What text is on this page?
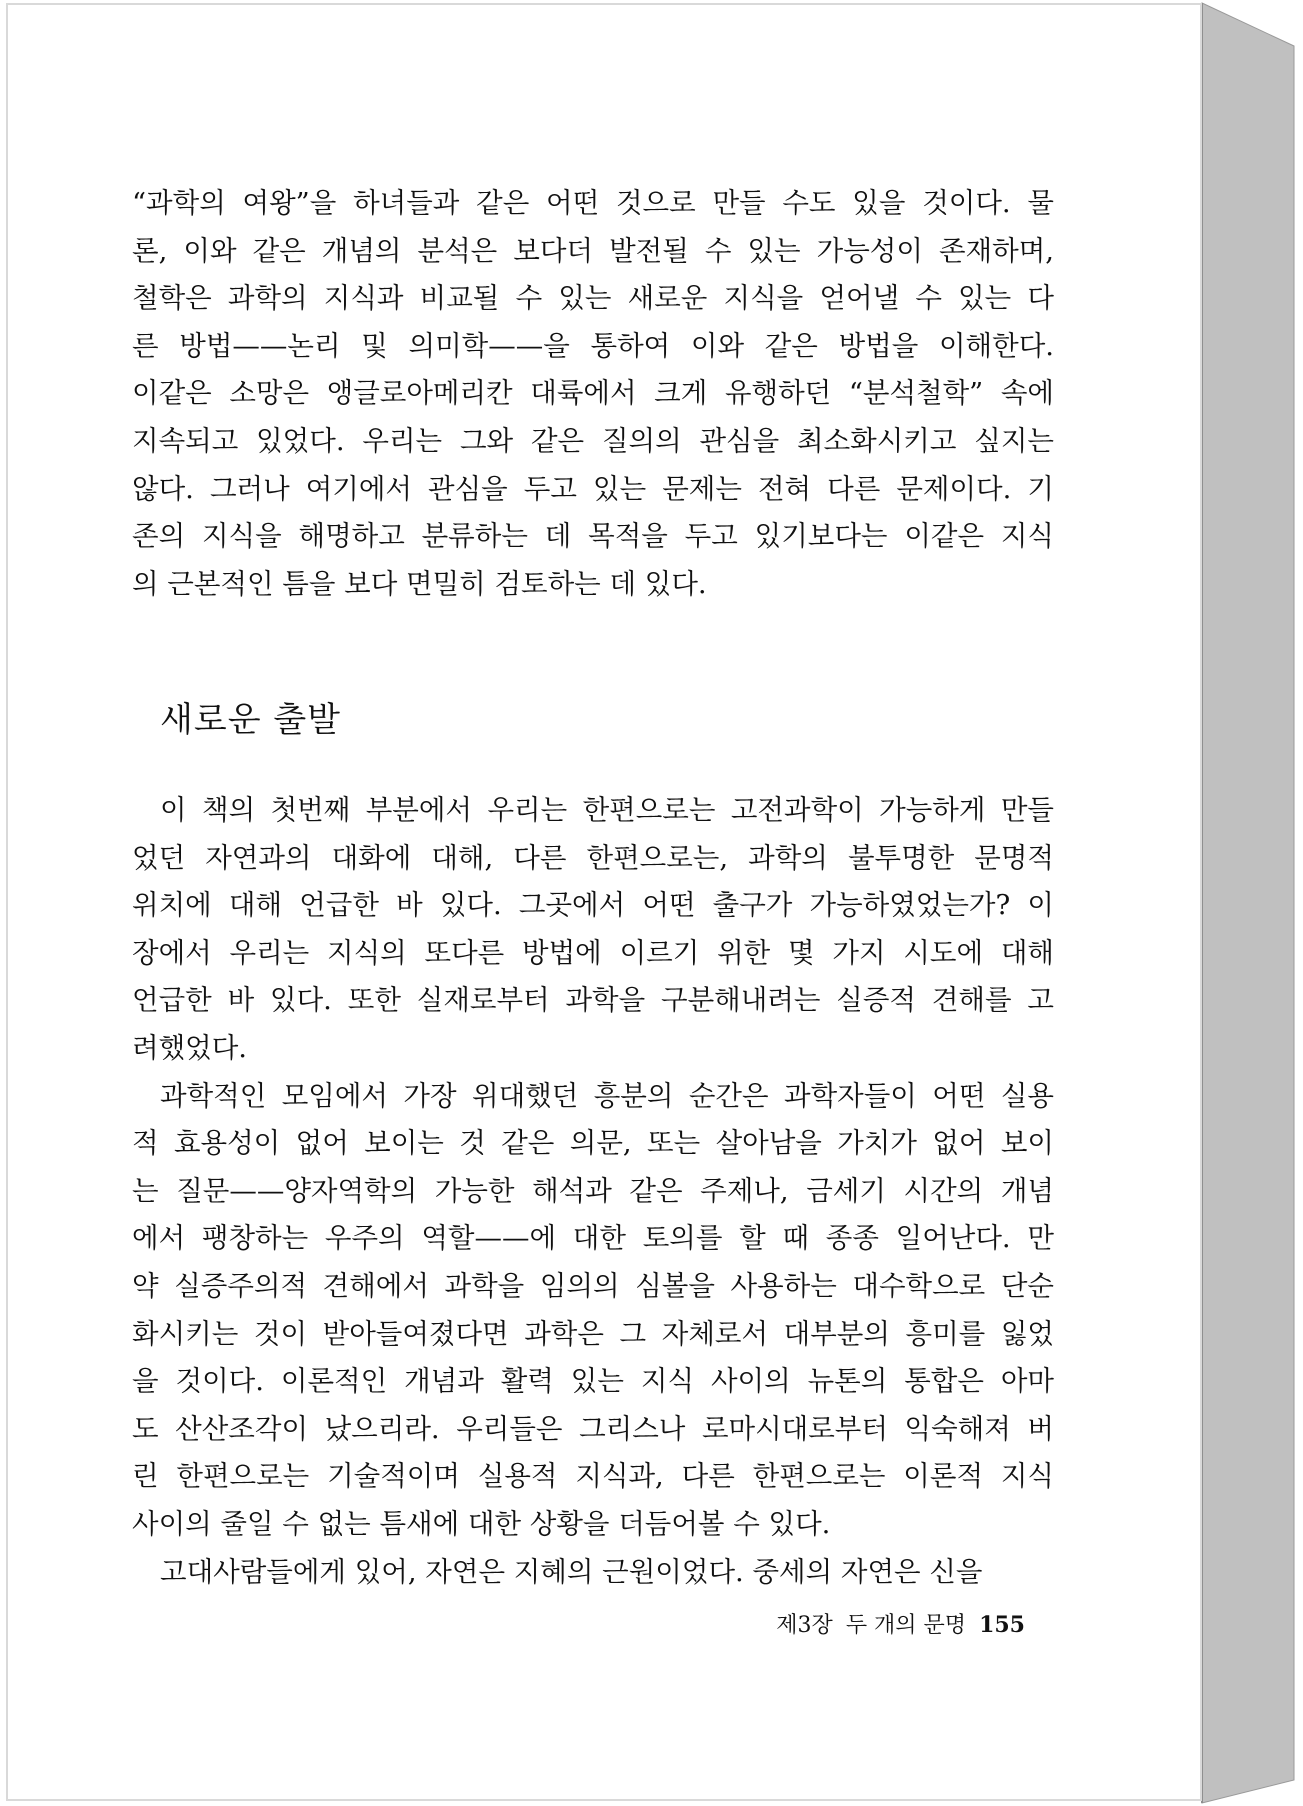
“과학의 여왕”을 하녀들과 같은 어떤 것으로 만들 수도 있을 것이다. 물
론, 이와 같은 개념의 분석은 보다더 발전될 수 있는 가능성이 존재하며,
철학은 과학의 지식과 비교될 수 있는 새로운 지식을 얻어낼 수 있는 다
른 방법——논리 및 의미학——을 통하여 이와 같은 방법을 이해한다.
이같은 소망은 앵글로아메리칸 대륙에서 크게 유행하던 “분석철학” 속에
지속되고 있었다. 우리는 그와 같은 질의의 관심을 최소화시키고 싶지는
않다. 그러나 여기에서 관심을 두고 있는 문제는 전혀 다른 문제이다. 기
존의 지식을 해명하고 분류하는 데 목적을 두고 있기보다는 이같은 지식
의 근본적인 틈을 보다 면밀히 검토하는 데 있다.
새로운 출발
이 책의 첫번째 부분에서 우리는 한편으로는 고전과학이 가능하게 만들
었던 자연과의 대화에 대해, 다른 한편으로는, 과학의 불투명한 문명적
위치에 대해 언급한 바 있다. 그곳에서 어떤 출구가 가능하였었는가? 이
장에서 우리는 지식의 또다른 방법에 이르기 위한 몇 가지 시도에 대해
언급한 바 있다. 또한 실재로부터 과학을 구분해내려는 실증적 견해를 고
려했었다.
과학적인 모임에서 가장 위대했던 흥분의 순간은 과학자들이 어떤 실용
적 효용성이 없어 보이는 것 같은 의문, 또는 살아남을 가치가 없어 보이
는 질문——양자역학의 가능한 해석과 같은 주제나, 금세기 시간의 개념
에서 팽창하는 우주의 역할——에 대한 토의를 할 때 종종 일어난다. 만
약 실증주의적 견해에서 과학을 임의의 심볼을 사용하는 대수학으로 단순
화시키는 것이 받아들여졌다면 과학은 그 자체로서 대부분의 흥미를 잃었
을 것이다. 이론적인 개념과 활력 있는 지식 사이의 뉴톤의 통합은 아마
도 산산조각이 났으리라. 우리들은 그리스나 로마시대로부터 익숙해져 버
린 한편으로는 기술적이며 실용적 지식과, 다른 한편으로는 이론적 지식
사이의 줄일 수 없는 틈새에 대한 상황을 더듬어볼 수 있다.
고대사람들에게 있어, 자연은 지혜의 근원이었다. 중세의 자연은 신을
제3장 두 개의 문명 155
